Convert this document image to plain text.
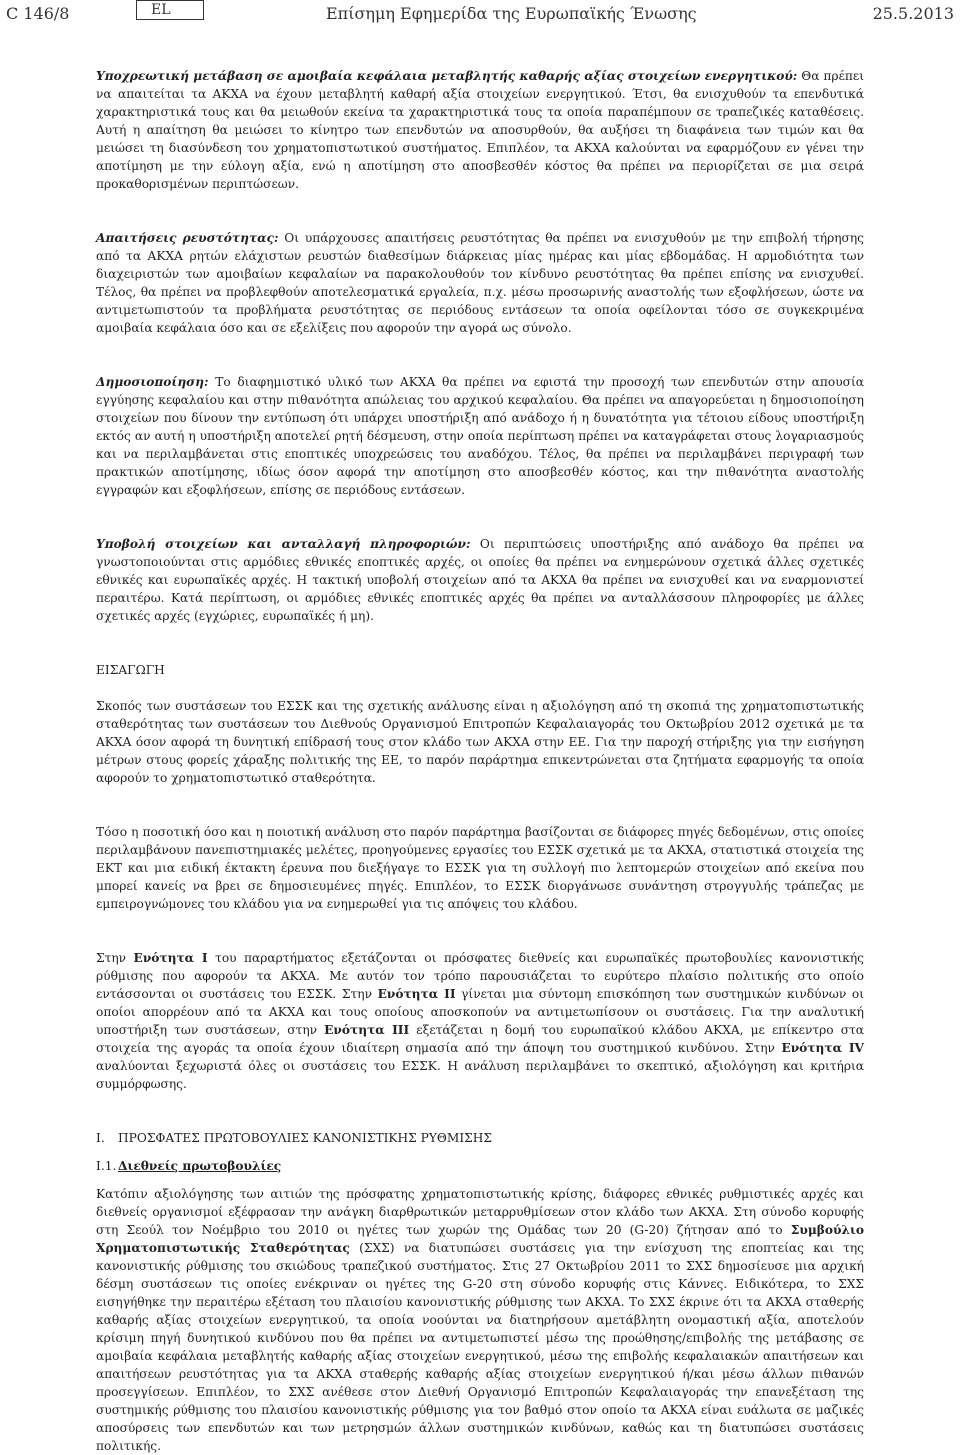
C 146/8	EL	Επίσημη Εφημερίδα της Ευρωπαϊκής Ένωσης	25.5.2013

Υποχρεωτική μετάβαση σε αμοιβαία κεφάλαια μεταβλητής καθαρής αξίας στοιχείων ενεργητικού: Θα πρέπει να απαιτείται τα ΑΚΧΑ να έχουν μεταβλητή καθαρή αξία στοιχείων ενεργητικού. Έτσι, θα ενισχυθούν τα επενδυτικά χαρακτηριστικά τους και θα μειωθούν εκείνα τα χαρακτηριστικά τους τα οποία παραπέμπουν σε τραπεζικές καταθέσεις. Αυτή η απαίτηση θα μειώσει το κίνητρο των επενδυτών να αποσυρθούν, θα αυξήσει τη διαφάνεια των τιμών και θα μειώσει τη διασύνδεση του χρηματοπιστωτικού συστήματος. Επιπλέον, τα ΑΚΧΑ καλούνται να εφαρμόζουν εν γένει την αποτίμηση με την εύλογη αξία, ενώ η αποτίμηση στο αποσβεσθέν κόστος θα πρέπει να περιορίζεται σε μια σειρά προκαθορισμένων περιπτώσεων.

Απαιτήσεις ρευστότητας: Οι υπάρχουσες απαιτήσεις ρευστότητας θα πρέπει να ενισχυθούν με την επιβολή τήρησης από τα ΑΚΧΑ ρητών ελάχιστων ρευστών διαθεσίμων διάρκειας μίας ημέρας και μίας εβδομάδας. Η αρμοδιότητα των διαχειριστών των αμοιβαίων κεφαλαίων να παρακολουθούν τον κίνδυνο ρευστότητας θα πρέπει επίσης να ενισχυθεί. Τέλος, θα πρέπει να προβλεφθούν αποτελεσματικά εργαλεία, π.χ. μέσω προσωρινής αναστολής των εξοφλήσεων, ώστε να αντιμετωπιστούν τα προβλήματα ρευστότητας σε περιόδους εντάσεων τα οποία οφείλονται τόσο σε συγκεκριμένα αμοιβαία κεφάλαια όσο και σε εξελίξεις που αφορούν την αγορά ως σύνολο.

Δημοσιοποίηση: Το διαφημιστικό υλικό των ΑΚΧΑ θα πρέπει να εφιστά την προσοχή των επενδυτών στην απουσία εγγύησης κεφαλαίου και στην πιθανότητα απώλειας του αρχικού κεφαλαίου. Θα πρέπει να απαγορεύεται η δημοσιοποίηση στοιχείων που δίνουν την εντύπωση ότι υπάρχει υποστήριξη από ανάδοχο ή η δυνατότητα για τέτοιου είδους υποστήριξη εκτός αν αυτή η υποστήριξη αποτελεί ρητή δέσμευση, στην οποία περίπτωση πρέπει να καταγράφεται στους λογαριασμούς και να περιλαμβάνεται στις εποπτικές υποχρεώσεις του αναδόχου. Τέλος, θα πρέπει να περιλαμβάνει περιγραφή των πρακτικών αποτίμησης, ιδίως όσον αφορά την αποτίμηση στο αποσβεσθέν κόστος, και την πιθανότητα αναστολής εγγραφών και εξοφλήσεων, επίσης σε περιόδους εντάσεων.

Υποβολή στοιχείων και ανταλλαγή πληροφοριών: Οι περιπτώσεις υποστήριξης από ανάδοχο θα πρέπει να γνωστοποιούνται στις αρμόδιες εθνικές εποπτικές αρχές, οι οποίες θα πρέπει να ενημερώνουν σχετικά άλλες σχετικές εθνικές και ευρωπαϊκές αρχές. Η τακτική υποβολή στοιχείων από τα ΑΚΧΑ θα πρέπει να ενισχυθεί και να εναρμονιστεί περαιτέρω. Κατά περίπτωση, οι αρμόδιες εθνικές εποπτικές αρχές θα πρέπει να ανταλλάσσουν πληροφορίες με άλλες σχετικές αρχές (εγχώριες, ευρωπαϊκές ή μη).

ΕΙΣΑΓΩΓΗ

Σκοπός των συστάσεων του ΕΣΣΚ και της σχετικής ανάλυσης είναι η αξιολόγηση από τη σκοπιά της χρηματοπιστωτικής σταθερότητας των συστάσεων του Διεθνούς Οργανισμού Επιτροπών Κεφαλαιαγοράς του Οκτωβρίου 2012 σχετικά με τα ΑΚΧΑ όσον αφορά τη δυνητική επίδρασή τους στον κλάδο των ΑΚΧΑ στην ΕΕ. Για την παροχή στήριξης για την εισήγηση μέτρων στους φορείς χάραξης πολιτικής της ΕΕ, το παρόν παράρτημα επικεντρώνεται στα ζητήματα εφαρμογής τα οποία αφορούν το χρηματοπιστωτικό σταθερότητα.

Τόσο η ποσοτική όσο και η ποιοτική ανάλυση στο παρόν παράρτημα βασίζονται σε διάφορες πηγές δεδομένων, στις οποίες περιλαμβάνουν πανεπιστημιακές μελέτες, προηγούμενες εργασίες του ΕΣΣΚ σχετικά με τα ΑΚΧΑ, στατιστικά στοιχεία της ΕΚΤ και μια ειδική έκτακτη έρευνα που διεξήγαγε το ΕΣΣΚ για τη συλλογή πιο λεπτομερών στοιχείων από εκείνα που μπορεί κανείς να βρει σε δημοσιευμένες πηγές. Επιπλέον, το ΕΣΣΚ διοργάνωσε συνάντηση στρογγυλής τράπεζας με εμπειρογνώμονες του κλάδου για να ενημερωθεί για τις απόψεις του κλάδου.

Στην Ενότητα I του παραρτήματος εξετάζονται οι πρόσφατες διεθνείς και ευρωπαϊκές πρωτοβουλίες κανονιστικής ρύθμισης που αφορούν τα ΑΚΧΑ. Με αυτόν τον τρόπο παρουσιάζεται το ευρύτερο πλαίσιο πολιτικής στο οποίο εντάσσονται οι συστάσεις του ΕΣΣΚ. Στην Ενότητα II γίνεται μια σύντομη επισκόπηση των συστημικών κινδύνων οι οποίοι απορρέουν από τα ΑΚΧΑ και τους οποίους αποσκοπούν να αντιμετωπίσουν οι συστάσεις. Για την αναλυτική υποστήριξη των συστάσεων, στην Ενότητα III εξετάζεται η δομή του ευρωπαϊκού κλάδου ΑΚΧΑ, με επίκεντρο στα στοιχεία της αγοράς τα οποία έχουν ιδιαίτερη σημασία από την άποψη του συστημικού κινδύνου. Στην Ενότητα IV αναλύονται ξεχωριστά όλες οι συστάσεις του ΕΣΣΚ. Η ανάλυση περιλαμβάνει το σκεπτικό, αξιολόγηση και κριτήρια συμμόρφωσης.

I. ΠΡΟΣΦΑΤΕΣ ΠΡΩΤΟΒΟΥΛΙΕΣ ΚΑΝΟΝΙΣΤΙΚΗΣ ΡΥΘΜΙΣΗΣ

I.1. Διεθνείς πρωτοβουλίες

Κατόπιν αξιολόγησης των αιτιών της πρόσφατης χρηματοπιστωτικής κρίσης, διάφορες εθνικές ρυθμιστικές αρχές και διεθνείς οργανισμοί εξέφρασαν την ανάγκη διαρθρωτικών μεταρρυθμίσεων στον κλάδο των ΑΚΧΑ. Στη σύνοδο κορυφής στη Σεούλ τον Νοέμβριο του 2010 οι ηγέτες των χωρών της Ομάδας των 20 (G-20) ζήτησαν από το Συμβούλιο Χρηματοπιστωτικής Σταθερότητας (ΣΧΣ) να διατυπώσει συστάσεις για την ενίσχυση της εποπτείας και της κανονιστικής ρύθμισης του σκιώδους τραπεζικού συστήματος. Στις 27 Οκτωβρίου 2011 το ΣΧΣ δημοσίευσε μια αρχική δέσμη συστάσεων τις οποίες ενέκριναν οι ηγέτες της G-20 στη σύνοδο κορυφής στις Κάννες. Ειδικότερα, το ΣΧΣ εισηγήθηκε την περαιτέρω εξέταση του πλαισίου κανονιστικής ρύθμισης των ΑΚΧΑ. Το ΣΧΣ έκρινε ότι τα ΑΚΧΑ σταθερής καθαρής αξίας στοιχείων ενεργητικού, τα οποία νοούνται να διατηρήσουν αμετάβλητη ονομαστική αξία, αποτελούν κρίσιμη πηγή δυνητικού κινδύνου που θα πρέπει να αντιμετωπιστεί μέσω της προώθησης/επιβολής της μετάβασης σε αμοιβαία κεφάλαια μεταβλητής καθαρής αξίας στοιχείων ενεργητικού, μέσω της επιβολής κεφαλαιακών απαιτήσεων και απαιτήσεων ρευστότητας για τα ΑΚΧΑ σταθερής καθαρής αξίας στοιχείων ενεργητικού ή/και μέσω άλλων πιθανών προσεγγίσεων. Επιπλέον, το ΣΧΣ ανέθεσε στον Διεθνή Οργανισμό Επιτροπών Κεφαλαιαγοράς την επανεξέταση της συστημικής ρύθμισης του πλαισίου κανονιστικής ρύθμισης για τον βαθμό στον οποίο τα ΑΚΧΑ είναι ευάλωτα σε μαζικές αποσύρσεις των επενδυτών και των μετρησμών άλλων συστημικών κινδύνων, καθώς και τη διατυπώσει συστάσεις πολιτικής.
